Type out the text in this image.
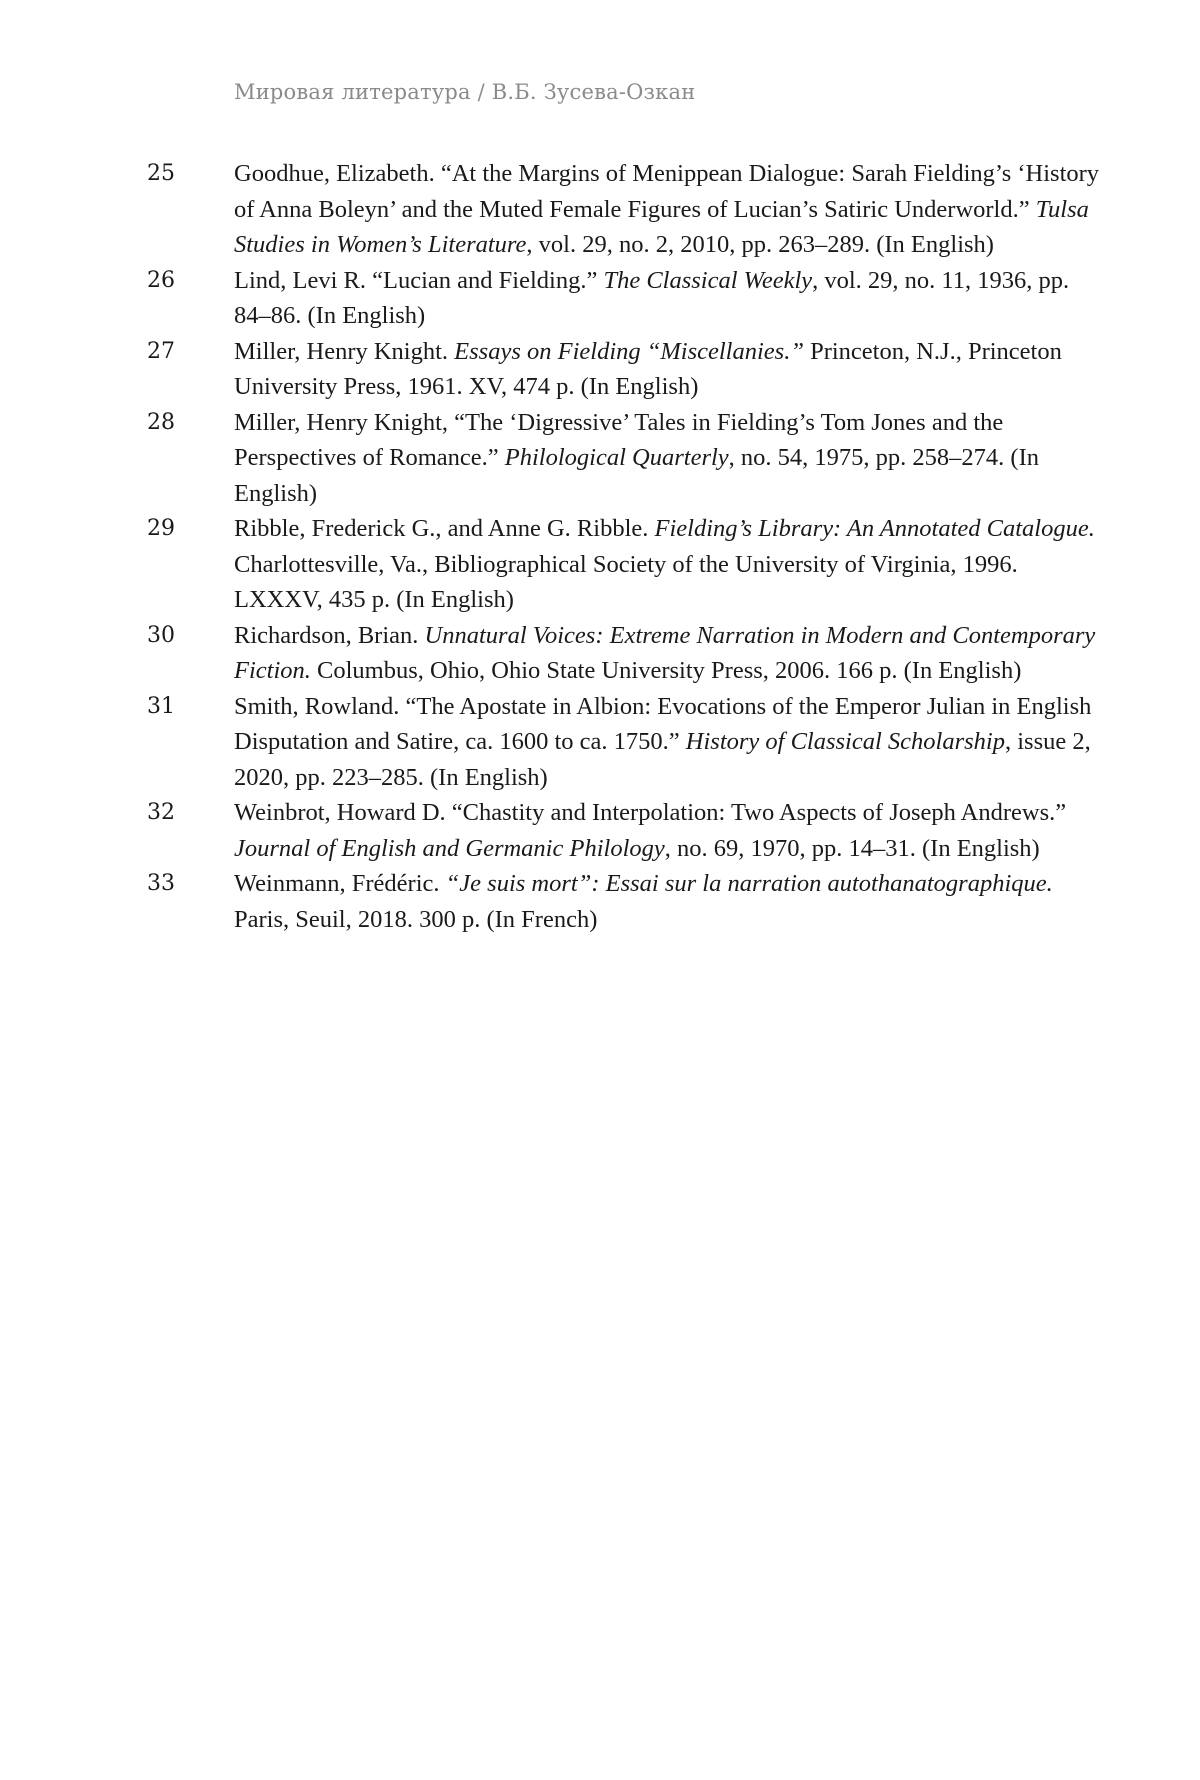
Мировая литература / В.Б. Зусева-Озкан
25	Goodhue, Elizabeth. “At the Margins of Menippean Dialogue: Sarah Fielding’s ‘History of Anna Boleyn’ and the Muted Female Figures of Lucian’s Satiric Underworld.” Tulsa Studies in Women’s Literature, vol. 29, no. 2, 2010, pp. 263–289. (In English)
26	Lind, Levi R. “Lucian and Fielding.” The Classical Weekly, vol. 29, no. 11, 1936, pp. 84–86. (In English)
27	Miller, Henry Knight. Essays on Fielding “Miscellanies.” Princeton, N.J., Princeton University Press, 1961. XV, 474 p. (In English)
28	Miller, Henry Knight, “The ‘Digressive’ Tales in Fielding’s Tom Jones and the Perspectives of Romance.” Philological Quarterly, no. 54, 1975, pp. 258–274. (In English)
29	Ribble, Frederick G., and Anne G. Ribble. Fielding’s Library: An Annotated Catalogue. Charlottesville, Va., Bibliographical Society of the University of Virginia, 1996. LXXXV, 435 p. (In English)
30	Richardson, Brian. Unnatural Voices: Extreme Narration in Modern and Contemporary Fiction. Columbus, Ohio, Ohio State University Press, 2006. 166 p. (In English)
31	Smith, Rowland. “The Apostate in Albion: Evocations of the Emperor Julian in English Disputation and Satire, ca. 1600 to ca. 1750.” History of Classical Scholarship, issue 2, 2020, pp. 223–285. (In English)
32	Weinbrot, Howard D. “Chastity and Interpolation: Two Aspects of Joseph Andrews.” Journal of English and Germanic Philology, no. 69, 1970, pp. 14–31. (In English)
33	Weinmann, Frédéric. “Je suis mort”: Essai sur la narration autothanatographique. Paris, Seuil, 2018. 300 p. (In French)
